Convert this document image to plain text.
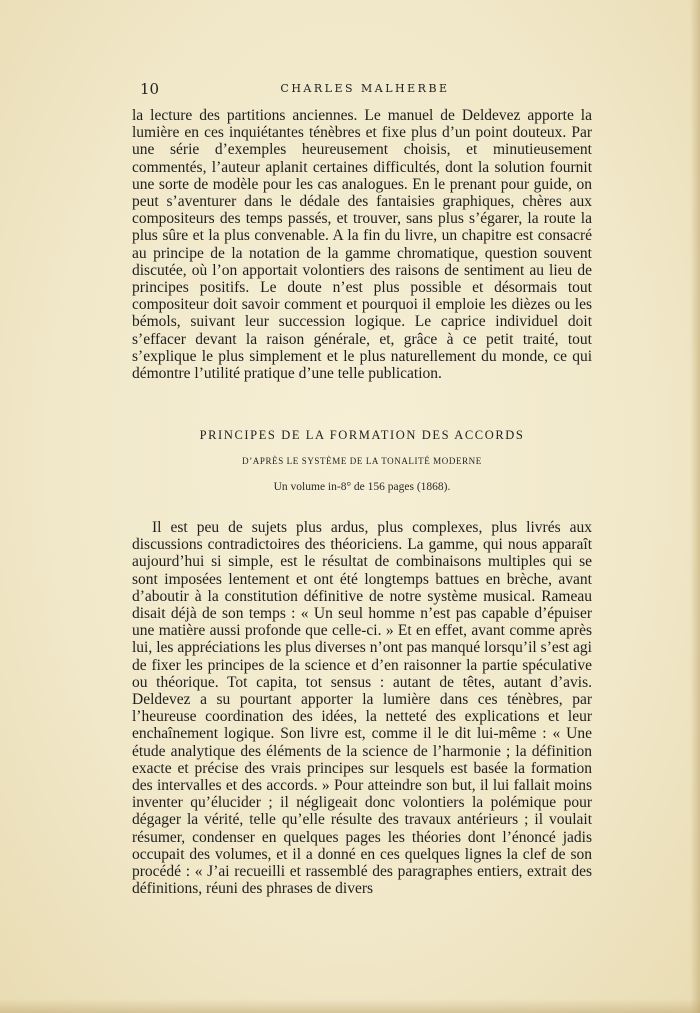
10	CHARLES MALHERBE

la lecture des partitions anciennes. Le manuel de Deldevez apporte la lumière en ces inquiétantes ténèbres et fixe plus d’un point douteux. Par une série d’exemples heureusement choisis, et minutieusement commentés, l’auteur aplanit certaines difficultés, dont la solution fournit une sorte de modèle pour les cas analogues. En le prenant pour guide, on peut s’aventurer dans le dédale des fantaisies graphiques, chères aux compositeurs des temps passés, et trouver, sans plus s’égarer, la route la plus sûre et la plus convenable. A la fin du livre, un chapitre est consacré au principe de la notation de la gamme chromatique, question souvent discutée, où l’on apportait volontiers des raisons de sentiment au lieu de principes positifs. Le doute n’est plus possible et désormais tout compositeur doit savoir comment et pourquoi il emploie les dièzes ou les bémols, suivant leur succession logique. Le caprice individuel doit s’effacer devant la raison générale, et, grâce à ce petit traité, tout s’explique le plus simplement et le plus naturellement du monde, ce qui démontre l’utilité pratique d’une telle publication.

PRINCIPES DE LA FORMATION DES ACCORDS
D’APRÈS LE SYSTÈME DE LA TONALITÉ MODERNE
Un volume in-8° de 156 pages (1868).

Il est peu de sujets plus ardus, plus complexes, plus livrés aux discussions contradictoires des théoriciens. La gamme, qui nous apparaît aujourd’hui si simple, est le résultat de combinaisons multiples qui se sont imposées lentement et ont été longtemps battues en brèche, avant d’aboutir à la constitution définitive de notre système musical. Rameau disait déjà de son temps : « Un seul homme n’est pas capable d’épuiser une matière aussi profonde que celle-ci. » Et en effet, avant comme après lui, les appréciations les plus diverses n’ont pas manqué lorsqu’il s’est agi de fixer les principes de la science et d’en raisonner la partie spéculative ou théorique. Tot capita, tot sensus : autant de têtes, autant d’avis. Deldevez a su pourtant apporter la lumière dans ces ténèbres, par l’heureuse coordination des idées, la netteté des explications et leur enchaînement logique. Son livre est, comme il le dit lui-même : « Une étude analytique des éléments de la science de l’harmonie ; la définition exacte et précise des vrais principes sur lesquels est basée la formation des intervalles et des accords. » Pour atteindre son but, il lui fallait moins inventer qu’élucider ; il négligeait donc volontiers la polémique pour dégager la vérité, telle qu’elle résulte des travaux antérieurs ; il voulait résumer, condenser en quelques pages les théories dont l’énoncé jadis occupait des volumes, et il a donné en ces quelques lignes la clef de son procédé : « J’ai recueilli et rassemblé des paragraphes entiers, extrait des définitions, réuni des phrases de divers
